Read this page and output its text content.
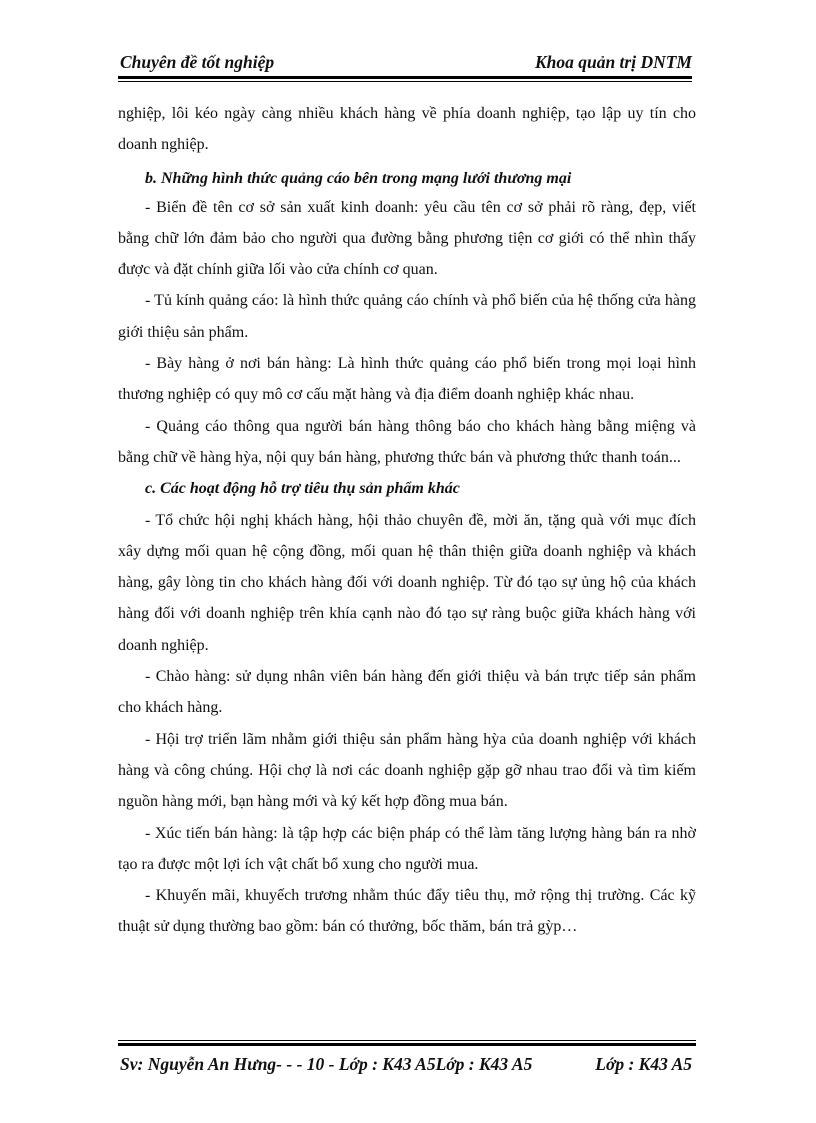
Chuyên đề tốt nghiệp	Khoa quản trị DNTM

nghiệp, lôi kéo ngày càng nhiều khách hàng về phía doanh nghiệp, tạo lập uy tín cho doanh nghiệp.

b. Những hình thức quảng cáo bên trong mạng lưới thương mại

- Biển đề tên cơ sở sản xuất kinh doanh: yêu cầu tên cơ sở phải rõ ràng, đẹp, viết bằng chữ lớn đảm bảo cho người qua đường bằng phương tiện cơ giới có thể nhìn thấy được và đặt chính giữa lối vào cửa chính cơ quan.

- Tủ kính quảng cáo: là hình thức quảng cáo chính và phổ biến của hệ thống cửa hàng giới thiệu sản phẩm.

- Bày hàng ở nơi bán hàng: Là hình thức quảng cáo phổ biến trong mọi loại hình thương nghiệp có quy mô cơ cấu mặt hàng và địa điểm doanh nghiệp khác nhau.

- Quảng cáo thông qua người bán hàng thông báo cho khách hàng bằng miệng và bằng chữ về hàng hỳa, nội quy bán hàng, phương thức bán và phương thức thanh toán...

c. Các hoạt động hỗ trợ tiêu thụ sản phẩm khác

- Tổ chức hội nghị khách hàng, hội thảo chuyên đề, mời ăn, tặng quà với mục đích xây dựng mối quan hệ cộng đồng, mối quan hệ thân thiện giữa doanh nghiệp và khách hàng, gây lòng tin cho khách hàng đối với doanh nghiệp. Từ đó tạo sự ủng hộ của khách hàng đối với doanh nghiệp trên khía cạnh nào đó tạo sự ràng buộc giữa khách hàng với doanh nghiệp.

- Chào hàng: sử dụng nhân viên bán hàng đến giới thiệu và bán trực tiếp sản phẩm cho khách hàng.

- Hội trợ triển lãm nhằm giới thiệu sản phẩm hàng hỳa của doanh nghiệp với khách hàng và công chúng. Hội chợ là nơi các doanh nghiệp gặp gỡ nhau trao đổi và tìm kiếm nguồn hàng mới, bạn hàng mới và ký kết hợp đồng mua bán.

- Xúc tiến bán hàng: là tập hợp các biện pháp có thể làm tăng lượng hàng bán ra nhờ tạo ra được một lợi ích vật chất bổ xung cho người mua.

- Khuyến mãi, khuyếch trương nhằm thúc đẩy tiêu thụ, mở rộng thị trường. Các kỹ thuật sử dụng thường bao gồm: bán có thưởng, bốc thăm, bán trả gỳp…

Sv: Nguyễn An Hưng- - - 10 - Lớp : K43 A5Lớp : K43 A5	Lớp : K43 A5
